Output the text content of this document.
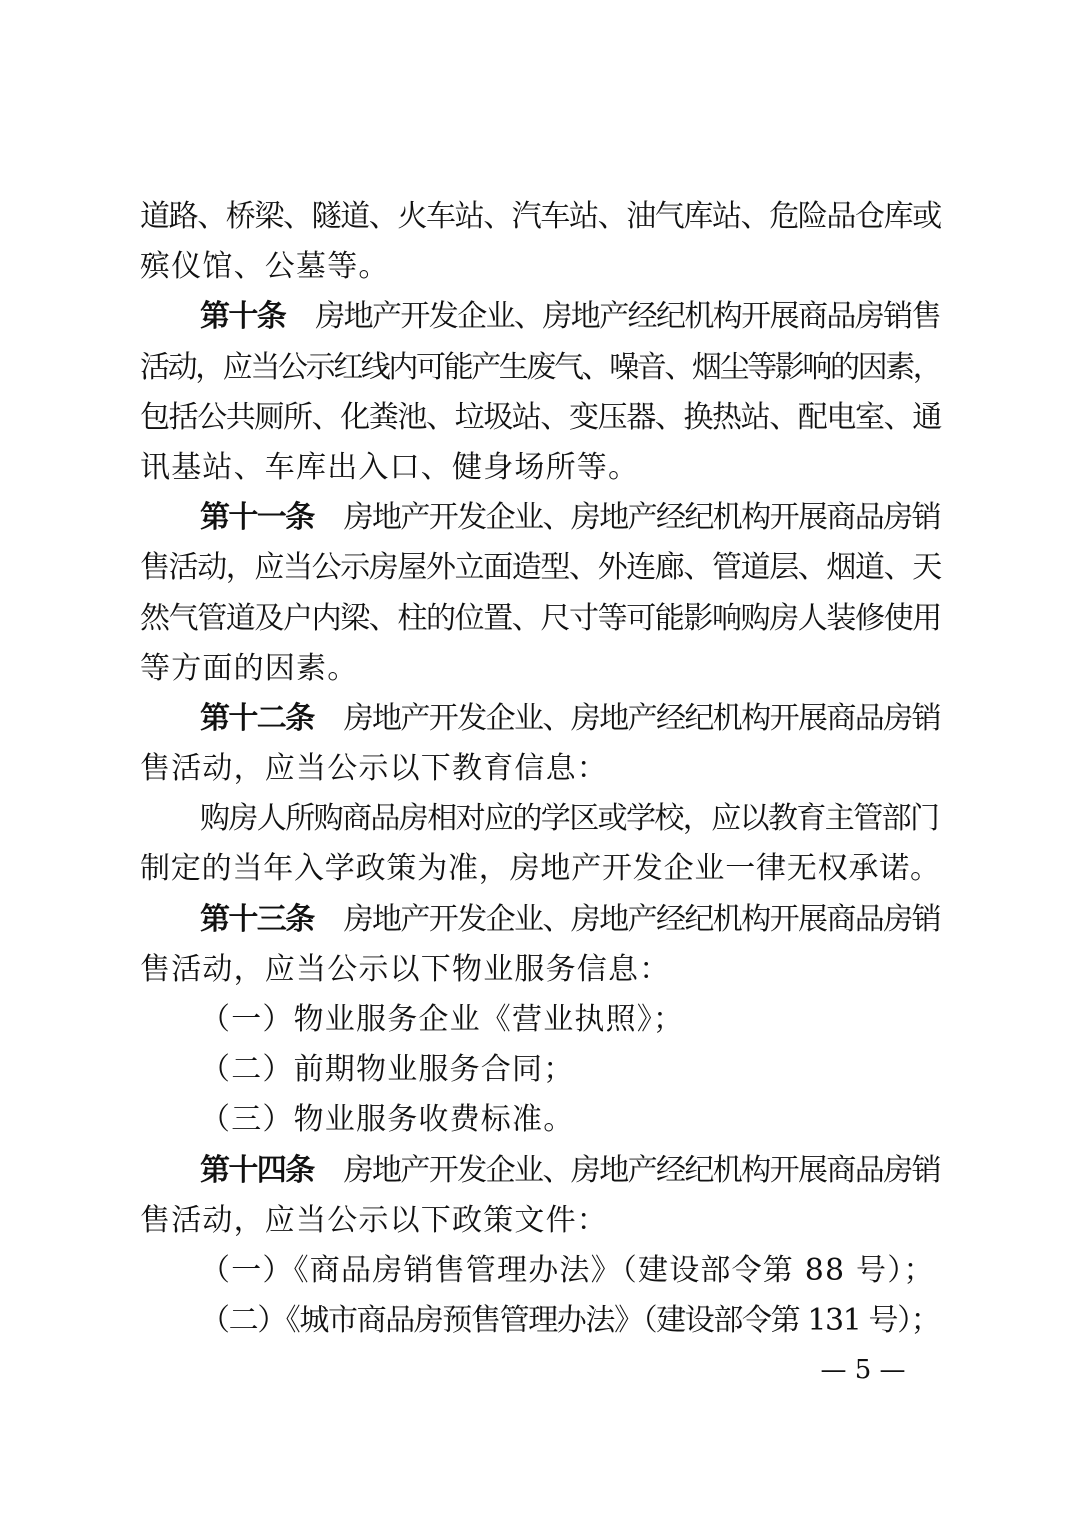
道路、桥梁、隧道、火车站、汽车站、油气库站、危险品仓库或
殡仪馆、公墓等。
第十条 房地产开发企业、房地产经纪机构开展商品房销售
活动，应当公示红线内可能产生废气、噪音、烟尘等影响的因素，
包括公共厕所、化粪池、垃圾站、变压器、换热站、配电室、通
讯基站、车库出入口、健身场所等。
第十一条 房地产开发企业、房地产经纪机构开展商品房销
售活动，应当公示房屋外立面造型、外连廊、管道层、烟道、天
然气管道及户内梁、柱的位置、尺寸等可能影响购房人装修使用
等方面的因素。
第十二条 房地产开发企业、房地产经纪机构开展商品房销
售活动，应当公示以下教育信息：
购房人所购商品房相对应的学区或学校，应以教育主管部门
制定的当年入学政策为准，房地产开发企业一律无权承诺。
第十三条 房地产开发企业、房地产经纪机构开展商品房销
售活动，应当公示以下物业服务信息：
（一）物业服务企业《营业执照》；
（二）前期物业服务合同；
（三）物业服务收费标准。
第十四条 房地产开发企业、房地产经纪机构开展商品房销
售活动，应当公示以下政策文件：
（一）《商品房销售管理办法》（建设部令第 88 号）；
（二）《城市商品房预售管理办法》（建设部令第 131 号）；
— 5 —
